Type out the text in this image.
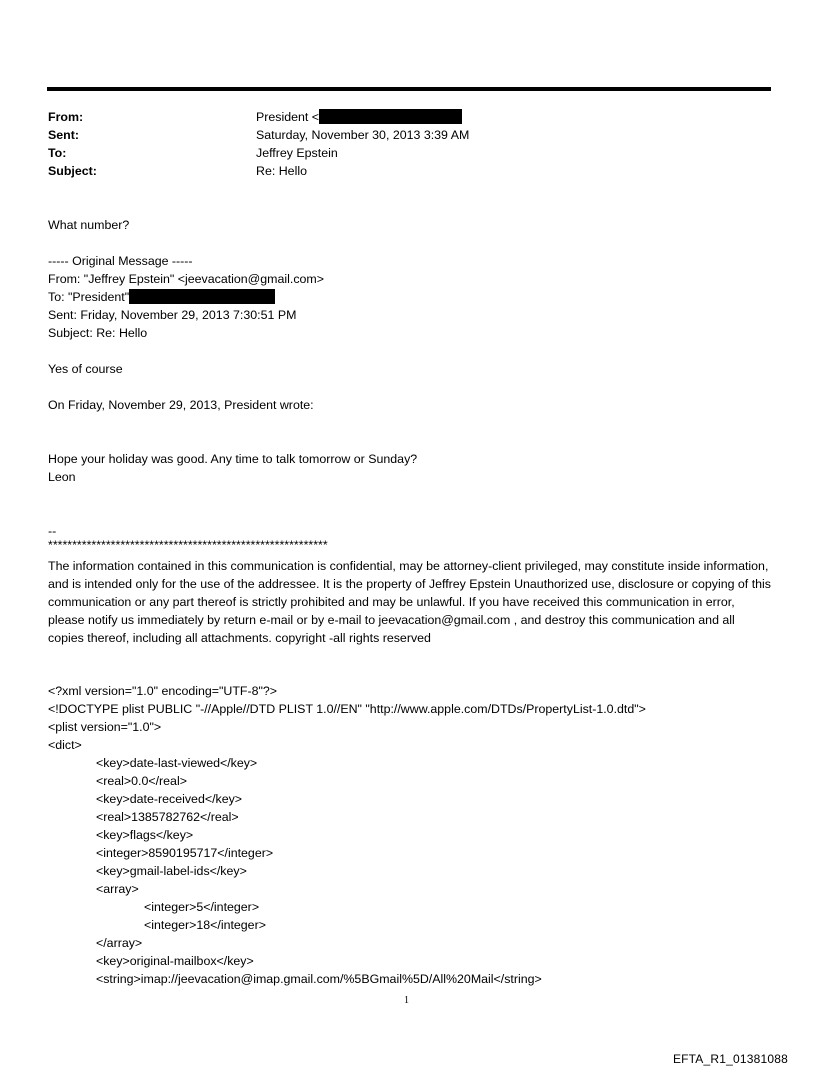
From:	President <
Sent:	Saturday, November 30, 2013 3:39 AM
To:	Jeffrey Epstein
Subject:	Re: Hello
What number?
----- Original Message -----
From: "Jeffrey Epstein" <jeevacation@gmail.com>
To: "President"
Sent: Friday, November 29, 2013 7:30:51 PM
Subject: Re: Hello
Yes of course
On Friday, November 29, 2013, President wrote:
Hope your holiday was good. Any time to talk tomorrow or Sunday?
Leon
--
**********************************************************
The information contained in this communication is confidential, may be attorney-client privileged, may constitute inside information, and is intended only for the use of the addressee. It is the property of Jeffrey Epstein Unauthorized use, disclosure or copying of this communication or any part thereof is strictly prohibited and may be unlawful. If you have received this communication in error, please notify us immediately by return e-mail or by e-mail to jeevacation@gmail.com , and destroy this communication and all copies thereof, including all attachments. copyright -all rights reserved
<?xml version="1.0" encoding="UTF-8"?>
<!DOCTYPE plist PUBLIC "-//Apple//DTD PLIST 1.0//EN" "http://www.apple.com/DTDs/PropertyList-1.0.dtd">
<plist version="1.0">
<dict>
<key>date-last-viewed</key>
<real>0.0</real>
<key>date-received</key>
<real>1385782762</real>
<key>flags</key>
<integer>8590195717</integer>
<key>gmail-label-ids</key>
<array>
<integer>5</integer>
<integer>18</integer>
</array>
<key>original-mailbox</key>
<string>imap://jeevacation@imap.gmail.com/%5BGmail%5D/All%20Mail</string>
1
EFTA_R1_01381088
